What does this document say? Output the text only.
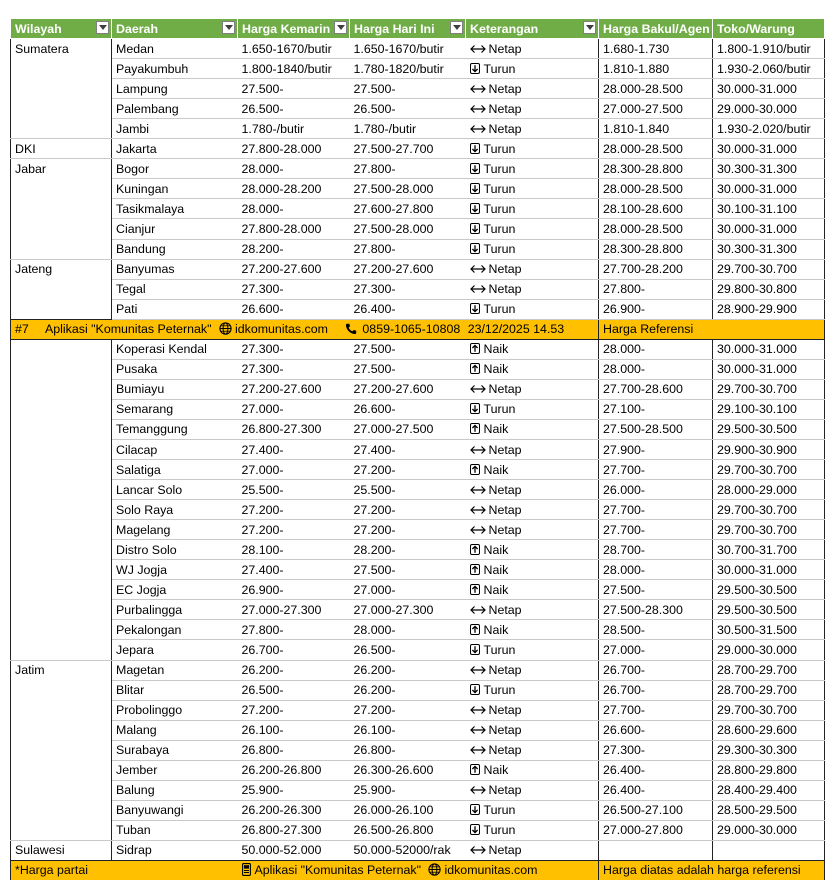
Wilayah	Daerah	Harga Kemarin	Harga Hari Ini	Keterangan	Harga Bakul/Agen	Toko/Warung
Sumatera	Medan	1.650-1670/butir	1.650-1670/butir	Netap	1.680-1.730	1.800-1.910/butir
	Payakumbuh	1.800-1840/butir	1.780-1820/butir	Turun	1.810-1.880	1.930-2.060/butir
	Lampung	27.500-	27.500-	Netap	28.000-28.500	30.000-31.000
	Palembang	26.500-	26.500-	Netap	27.000-27.500	29.000-30.000
	Jambi	1.780-/butir	1.780-/butir	Netap	1.810-1.840	1.930-2.020/butir
DKI	Jakarta	27.800-28.000	27.500-27.700	Turun	28.000-28.500	30.000-31.000
Jabar	Bogor	28.000-	27.800-	Turun	28.300-28.800	30.300-31.300
	Kuningan	28.000-28.200	27.500-28.000	Turun	28.000-28.500	30.000-31.000
	Tasikmalaya	28.000-	27.600-27.800	Turun	28.100-28.600	30.100-31.100
	Cianjur	27.800-28.000	27.500-28.000	Turun	28.000-28.500	30.000-31.000
	Bandung	28.200-	27.800-	Turun	28.300-28.800	30.300-31.300
Jateng	Banyumas	27.200-27.600	27.200-27.600	Netap	27.700-28.200	29.700-30.700
	Tegal	27.300-	27.300-	Netap	27.800-	29.800-30.800
	Pati	26.600-	26.400-	Turun	26.900-	28.900-29.900
#7 Aplikasi "Komunitas Peternak" idkomunitas.com 0859-1065-10808 23/12/2025 14.53					Harga Referensi	
	Koperasi Kendal	27.300-	27.500-	Naik	28.000-	30.000-31.000
	Pusaka	27.300-	27.500-	Naik	28.000-	30.000-31.000
	Bumiayu	27.200-27.600	27.200-27.600	Netap	27.700-28.600	29.700-30.700
	Semarang	27.000-	26.600-	Turun	27.100-	29.100-30.100
	Temanggung	26.800-27.300	27.000-27.500	Naik	27.500-28.500	29.500-30.500
	Cilacap	27.400-	27.400-	Netap	27.900-	29.900-30.900
	Salatiga	27.000-	27.200-	Naik	27.700-	29.700-30.700
	Lancar Solo	25.500-	25.500-	Netap	26.000-	28.000-29.000
	Solo Raya	27.200-	27.200-	Netap	27.700-	29.700-30.700
	Magelang	27.200-	27.200-	Netap	27.700-	29.700-30.700
	Distro Solo	28.100-	28.200-	Naik	28.700-	30.700-31.700
	WJ Jogja	27.400-	27.500-	Naik	28.000-	30.000-31.000
	EC Jogja	26.900-	27.000-	Naik	27.500-	29.500-30.500
	Purbalingga	27.000-27.300	27.000-27.300	Netap	27.500-28.300	29.500-30.500
	Pekalongan	27.800-	28.000-	Naik	28.500-	30.500-31.500
	Jepara	26.700-	26.500-	Turun	27.000-	29.000-30.000
Jatim	Magetan	26.200-	26.200-	Netap	26.700-	28.700-29.700
	Blitar	26.500-	26.200-	Turun	26.700-	28.700-29.700
	Probolinggo	27.200-	27.200-	Netap	27.700-	29.700-30.700
	Malang	26.100-	26.100-	Netap	26.600-	28.600-29.600
	Surabaya	26.800-	26.800-	Netap	27.300-	29.300-30.300
	Jember	26.200-26.800	26.300-26.600	Naik	26.400-	28.800-29.800
	Balung	25.900-	25.900-	Netap	26.400-	28.400-29.400
	Banyuwangi	26.200-26.300	26.000-26.100	Turun	26.500-27.100	28.500-29.500
	Tuban	26.800-27.300	26.500-26.800	Turun	27.000-27.800	29.000-30.000
Sulawesi	Sidrap	50.000-52.000	50.000-52000/rak	Netap		
*Harga partai		Aplikasi "Komunitas Peternak" idkomunitas.com			Harga diatas adalah harga referensi	
